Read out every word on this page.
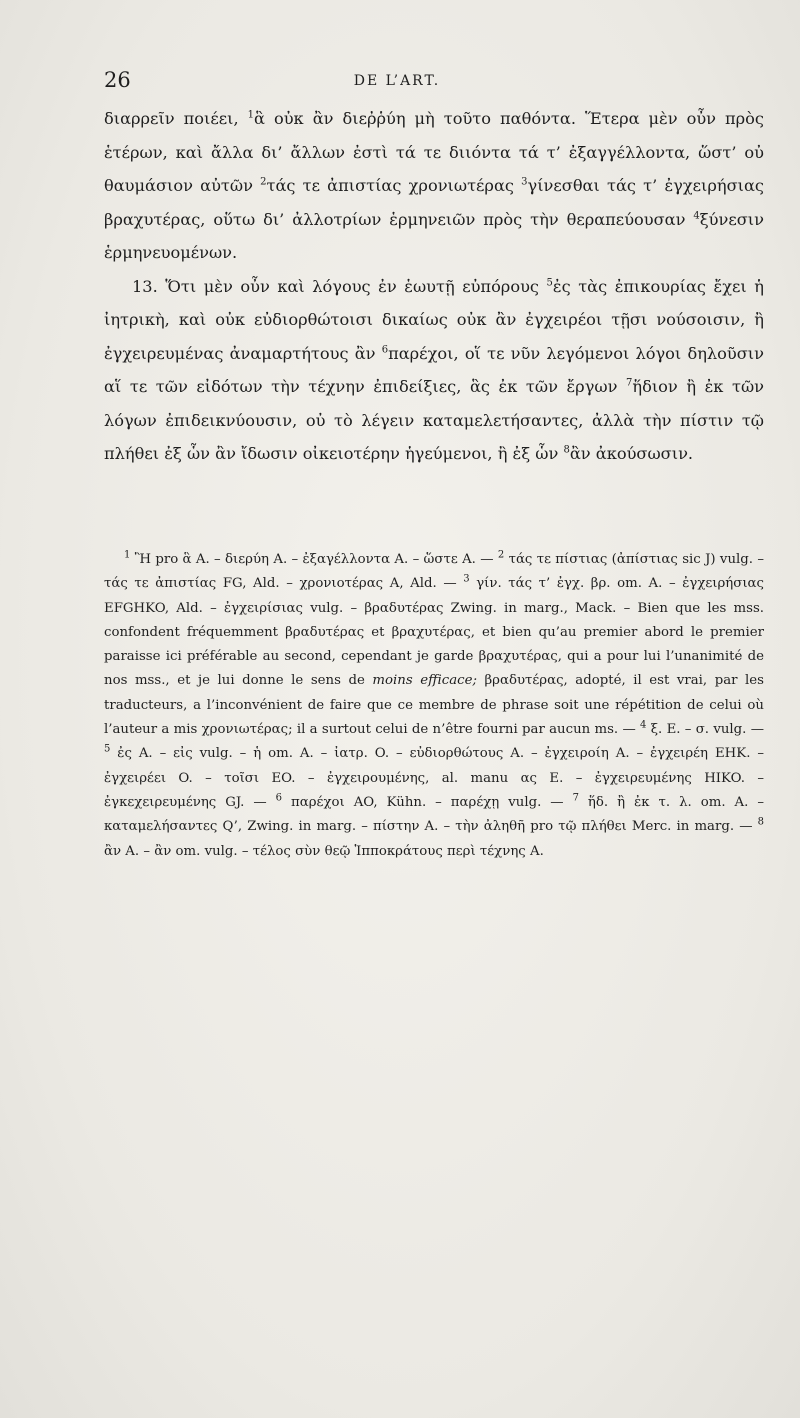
26	DE L’ART.

διαρρεῖν ποιέει, $^1$ἃ οὐκ ἂν διεῤῥύη μὴ τοῦτο παθόντα. Ἕτερα μὲν οὖν πρὸς ἑτέρων, καὶ ἄλλα δι’ ἄλλων ἐστὶ τά τε διιόντα τά τ’ ἐξαγγέλλοντα, ὥστ’ οὐ θαυμάσιον αὐτῶν $^2$τάς τε ἀπιστίας χρονιωτέρας $^3$γίνεσθαι τάς τ’ ἐγχειρήσιας βραχυτέρας, οὕτω δι’ ἀλλοτρίων ἑρμηνειῶν πρὸς τὴν θεραπεύουσαν $^4$ξύνεσιν ἑρμηνευομένων.

13. Ὅτι μὲν οὖν καὶ λόγους ἐν ἑωυτῇ εὐπόρους $^5$ἐς τὰς ἐπικουρίας ἔχει ἡ ἰητρικὴ, καὶ οὐκ εὐδιορθώτοισι δικαίως οὐκ ἂν ἐγχειρέοι τῇσι νούσοισιν, ἢ ἐγχειρευμένας ἀναμαρτήτους ἂν $^6$παρέχοι, οἵ τε νῦν λεγόμενοι λόγοι δηλοῦσιν αἵ τε τῶν εἰδότων τὴν τέχνην ἐπιδείξιες, ἃς ἐκ τῶν ἔργων $^7$ἥδιον ἢ ἐκ τῶν λόγων ἐπιδεικνύουσιν, οὐ τὸ λέγειν καταμελετήσαντες, ἀλλὰ τὴν πίστιν τῷ πλήθει ἐξ ὧν ἂν ἴδωσιν οἰκειοτέρην ἡγεύμενοι, ἢ ἐξ ὧν $^8$ἂν ἀκούσωσιν.

$^1$ Ἣ pro ἃ A. – διερύη A. – ἐξαγέλλοντα A. – ὥστε A. — $^2$ τάς τε πίστιας (ἀπίστιας sic J) vulg. – τάς τε ἀπιστίας FG, Ald. – χρονιοτέρας A, Ald. — $^3$ γίν. τάς τ’ ἐγχ. βρ. om. A. – ἐγχειρήσιας EFGHKO, Ald. – ἐγχειρίσιας vulg. – βραδυτέρας Zwing. in marg., Mack. – Bien que les mss. confondent fréquemment βραδυτέρας et βραχυτέρας, et bien qu’au premier abord le premier paraisse ici préférable au second, cependant je garde βραχυτέρας, qui a pour lui l’unanimité de nos mss., et je lui donne le sens de moins efficace; βραδυτέρας, adopté, il est vrai, par les traducteurs, a l’inconvénient de faire que ce membre de phrase soit une répétition de celui où l’auteur a mis χρονιωτέρας; il a surtout celui de n’être fourni par aucun ms. — $^4$ ξ. E. – σ. vulg. — $^5$ ἐς A. – εἰς vulg. – ἡ om. A. – ἰατρ. O. – εὐδιορθώτους A. – ἐγχειροίη A. – ἐγχειρέη EHK. – ἐγχειρέει O. – τοῖσι EO. – ἐγχειρουμένης, al. manu ας E. – ἐγχειρευμένης HIKO. – ἐγκεχειρευμένης GJ. — $^6$ παρέχοι AO, Kühn. – παρέχῃ vulg. — $^7$ ἥδ. ἢ ἐκ τ. λ. om. A. – καταμελήσαντες Q’, Zwing. in marg. – πίστην A. – τὴν ἀληθῆ pro τῷ πλήθει Merc. in marg. — $^8$ ἂν A. – ἂν om. vulg. – τέλος σὺν θεῷ Ἱπποκράτους περὶ τέχνης A.
